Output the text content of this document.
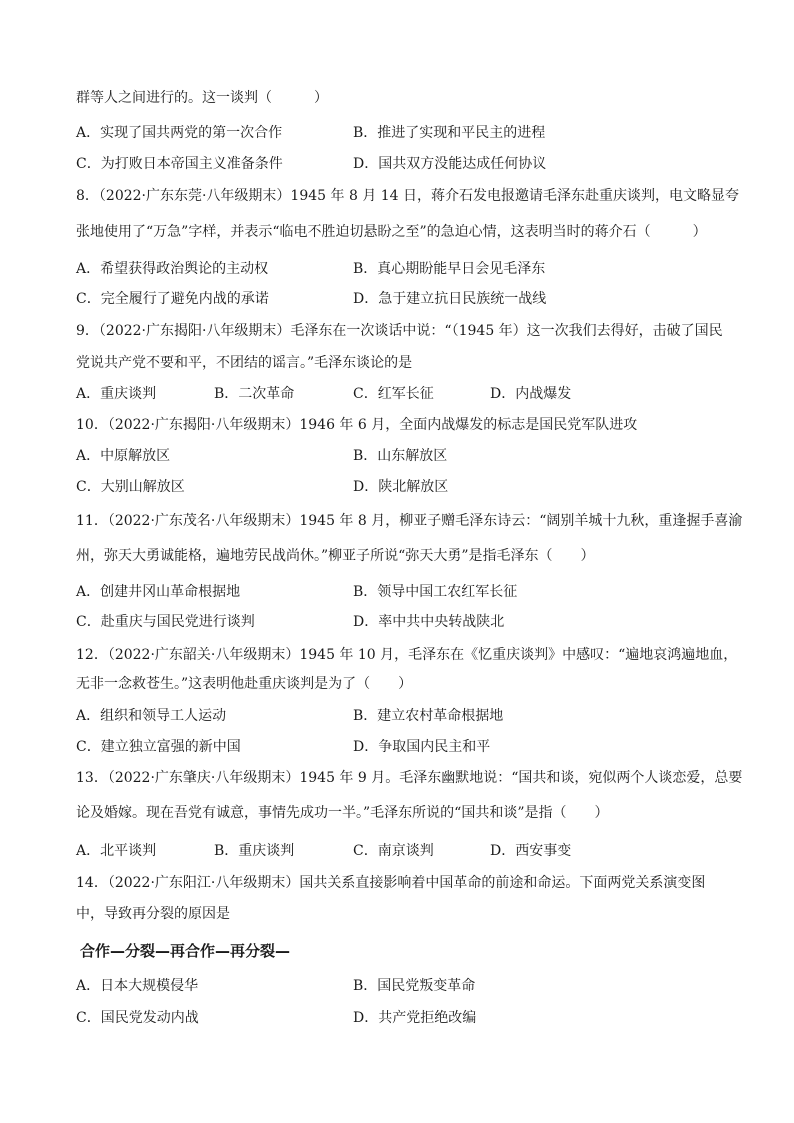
群等人之间进行的。这一谈判（　　　）
A．实现了国共两党的第一次合作	B．推进了实现和平民主的进程
C．为打败日本帝国主义准备条件	D．国共双方没能达成任何协议
8．（2022·广东东莞·八年级期末）1945 年 8 月 14 日，蒋介石发电报邀请毛泽东赴重庆谈判，电文略显夸
张地使用了“万急”字样，并表示“临电不胜迫切悬盼之至”的急迫心情，这表明当时的蒋介石（　　　）
A．希望获得政治舆论的主动权	B．真心期盼能早日会见毛泽东
C．完全履行了避免内战的承诺	D．急于建立抗日民族统一战线
9．（2022·广东揭阳·八年级期末）毛泽东在一次谈话中说：“（1945 年）这一次我们去得好，击破了国民
党说共产党不要和平，不团结的谣言。”毛泽东谈论的是
A．重庆谈判	B．二次革命	C．红军长征	D．内战爆发
10．（2022·广东揭阳·八年级期末）1946 年 6 月，全面内战爆发的标志是国民党军队进攻
A．中原解放区	B．山东解放区
C．大别山解放区	D．陕北解放区
11．（2022·广东茂名·八年级期末）1945 年 8 月，柳亚子赠毛泽东诗云：“阔别羊城十九秋，重逢握手喜渝
州，弥天大勇诚能格，遍地劳民战尚休。”柳亚子所说“弥天大勇”是指毛泽东（　　）
A．创建井冈山革命根据地	B．领导中国工农红军长征
C．赴重庆与国民党进行谈判	D．率中共中央转战陕北
12．（2022·广东韶关·八年级期末）1945 年 10 月，毛泽东在《忆重庆谈判》中感叹：“遍地哀鸿遍地血，
无非一念救苍生。”这表明他赴重庆谈判是为了（　　）
A．组织和领导工人运动	B．建立农村革命根据地
C．建立独立富强的新中国	D．争取国内民主和平
13．（2022·广东肇庆·八年级期末）1945 年 9 月。毛泽东幽默地说：“国共和谈，宛似两个人谈恋爱，总要
论及婚嫁。现在吾党有诚意，事情先成功一半。”毛泽东所说的“国共和谈”是指（　　）
A．北平谈判	B．重庆谈判	C．南京谈判	D．西安事变
14．（2022·广东阳江·八年级期末）国共关系直接影响着中国革命的前途和命运。下面两党关系演变图
中，导致再分裂的原因是
合作—分裂—再合作—再分裂—
A．日本大规模侵华	B．国民党叛变革命
C．国民党发动内战	D．共产党拒绝改编
